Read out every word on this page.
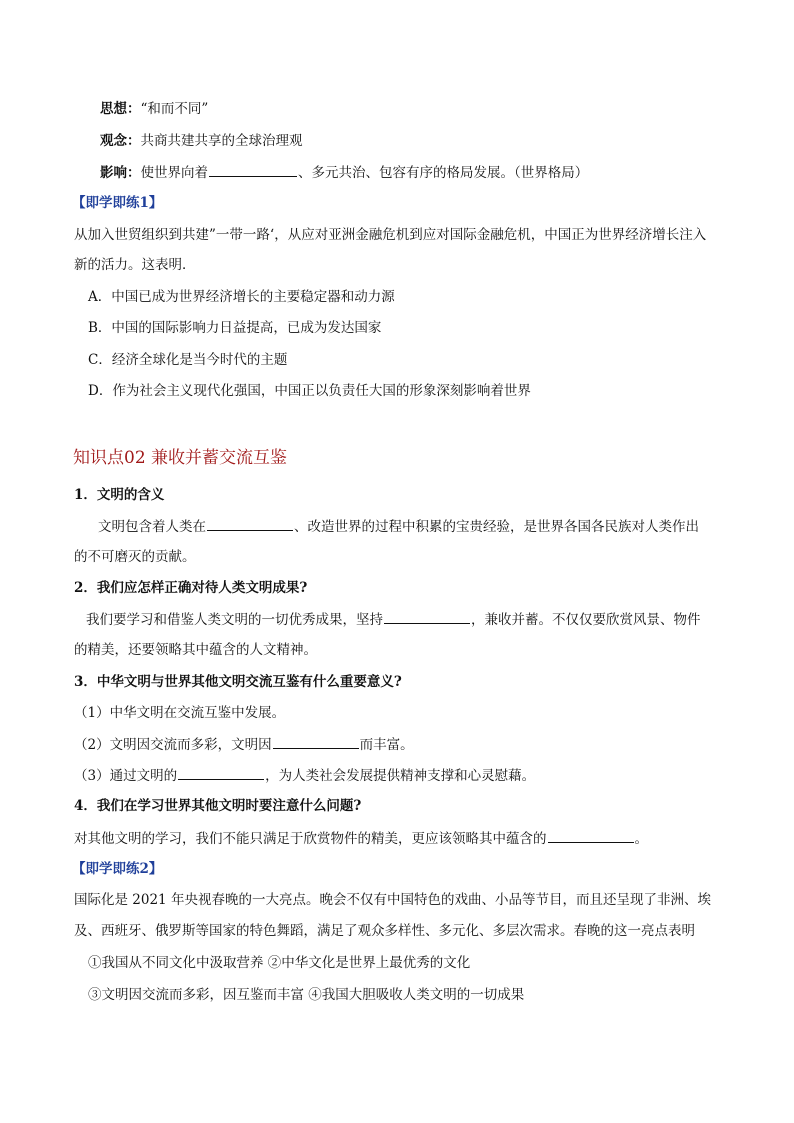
思想：“和而不同”
观念：共商共建共享的全球治理观
影响：使世界向着	、多元共治、包容有序的格局发展。（世界格局）
【即学即练1】
从加入世贸组织到共建”一带一路‘，从应对亚洲金融危机到应对国际金融危机，中国正为世界经济增长注入
新的活力。这表明．
A．中国已成为世界经济增长的主要稳定器和动力源
B．中国的国际影响力日益提高，已成为发达国家
C．经济全球化是当今时代的主题
D．作为社会主义现代化强国，中国正以负责任大国的形象深刻影响着世界
知识点02 兼收并蓄交流互鉴
1．文明的含义
文明包含着人类在	、改造世界的过程中积累的宝贵经验，是世界各国各民族对人类作出
的不可磨灭的贡献。
2．我们应怎样正确对待人类文明成果?
我们要学习和借鉴人类文明的一切优秀成果，坚持	，兼收并蓄。不仅仅要欣赏风景、物件
的精美，还要领略其中蕴含的人文精神。
3．中华文明与世界其他文明交流互鉴有什么重要意义?
（1）中华文明在交流互鉴中发展。
（2）文明因交流而多彩，文明因	而丰富。
（3）通过文明的	，为人类社会发展提供精神支撑和心灵慰藉。
4．我们在学习世界其他文明时要注意什么问题?
对其他文明的学习，我们不能只满足于欣赏物件的精美，更应该领略其中蕴含的	。
【即学即练2】
国际化是 2021 年央视春晚的一大亮点。晚会不仅有中国特色的戏曲、小品等节目，而且还呈现了非洲、埃
及、西班牙、俄罗斯等国家的特色舞蹈，满足了观众多样性、多元化、多层次需求。春晚的这一亮点表明
①我国从不同文化中汲取营养 ②中华文化是世界上最优秀的文化
③文明因交流而多彩，因互鉴而丰富 ④我国大胆吸收人类文明的一切成果
